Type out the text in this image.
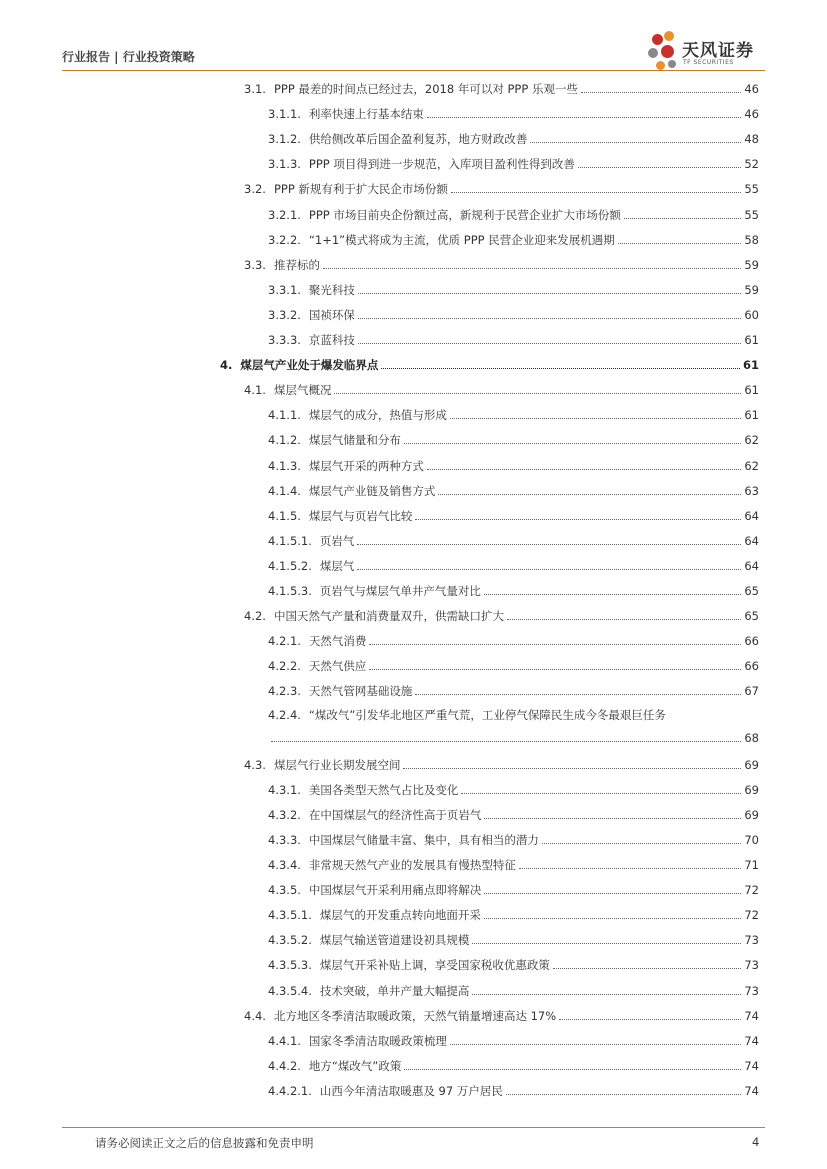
行业报告 | 行业投资策略	天风证券
TF SECURITIES
3.1. PPP 最差的时间点已经过去，2018 年可以对 PPP 乐观一些	46
3.1.1. 利率快速上行基本结束	46
3.1.2. 供给侧改革后国企盈利复苏，地方财政改善	48
3.1.3. PPP 项目得到进一步规范，入库项目盈利性得到改善	52
3.2. PPP 新规有利于扩大民企市场份额	55
3.2.1. PPP 市场目前央企份额过高，新规利于民营企业扩大市场份额	55
3.2.2. “1+1”模式将成为主流，优质 PPP 民营企业迎来发展机遇期	58
3.3. 推荐标的	59
3.3.1. 聚光科技	59
3.3.2. 国祯环保	60
3.3.3. 京蓝科技	61
4. 煤层气产业处于爆发临界点	61
4.1. 煤层气概况	61
4.1.1. 煤层气的成分，热值与形成	61
4.1.2. 煤层气储量和分布	62
4.1.3. 煤层气开采的两种方式	62
4.1.4. 煤层气产业链及销售方式	63
4.1.5. 煤层气与页岩气比较	64
4.1.5.1. 页岩气	64
4.1.5.2. 煤层气	64
4.1.5.3. 页岩气与煤层气单井产气量对比	65
4.2. 中国天然气产量和消费量双升，供需缺口扩大	65
4.2.1. 天然气消费	66
4.2.2. 天然气供应	66
4.2.3. 天然气管网基础设施	67
4.2.4. “煤改气”引发华北地区严重气荒，工业停气保障民生成今冬最艰巨任务
68
4.3. 煤层气行业长期发展空间	69
4.3.1. 美国各类型天然气占比及变化	69
4.3.2. 在中国煤层气的经济性高于页岩气	69
4.3.3. 中国煤层气储量丰富、集中，具有相当的潜力	70
4.3.4. 非常规天然气产业的发展具有慢热型特征	71
4.3.5. 中国煤层气开采利用痛点即将解决	72
4.3.5.1. 煤层气的开发重点转向地面开采	72
4.3.5.2. 煤层气输送管道建设初具规模	73
4.3.5.3. 煤层气开采补贴上调，享受国家税收优惠政策	73
4.3.5.4. 技术突破，单井产量大幅提高	73
4.4. 北方地区冬季清洁取暖政策，天然气销量增速高达 17%	74
4.4.1. 国家冬季清洁取暖政策梳理	74
4.4.2. 地方“煤改气”政策	74
4.4.2.1. 山西今年清洁取暖惠及 97 万户居民	74
请务必阅读正文之后的信息披露和免责申明	4
